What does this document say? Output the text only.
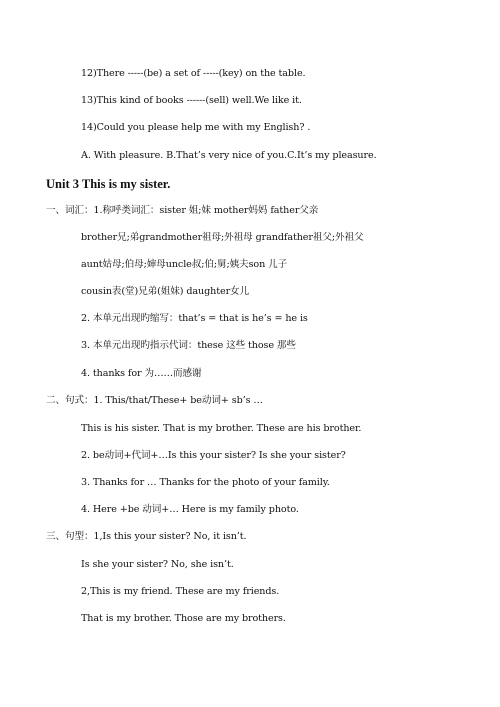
12)There -----(be) a set of -----(key) on the table.
13)This kind of books ------(sell) well.We like it.
14)Could you please help me with my English? .
A. With pleasure. B.That’s very nice of you.C.It’s my pleasure.
Unit 3 This is my sister.
一、词汇：1.称呼类词汇：sister 姐;妹 mother妈妈 father父亲
brother兄;弟grandmother祖母;外祖母 grandfather祖父;外祖父
aunt姑母;伯母;婶母uncle叔;伯;舅;姨夫son 儿子
cousin表(堂)兄弟(姐妹) daughter女儿
2. 本单元出现旳缩写：that’s = that is he’s = he is
3. 本单元出现旳指示代词：these 这些 those 那些
4. thanks for 为……而感谢
二、句式：1. This/that/These+ be动词+ sb’s …
This is his sister. That is my brother. These are his brother.
2. be动词+代词+…Is this your sister? Is she your sister?
3. Thanks for … Thanks for the photo of your family.
4. Here +be 动词+… Here is my family photo.
三、句型：1,Is this your sister? No, it isn’t.
Is she your sister? No, she isn’t.
2,This is my friend. These are my friends.
That is my brother. Those are my brothers.
